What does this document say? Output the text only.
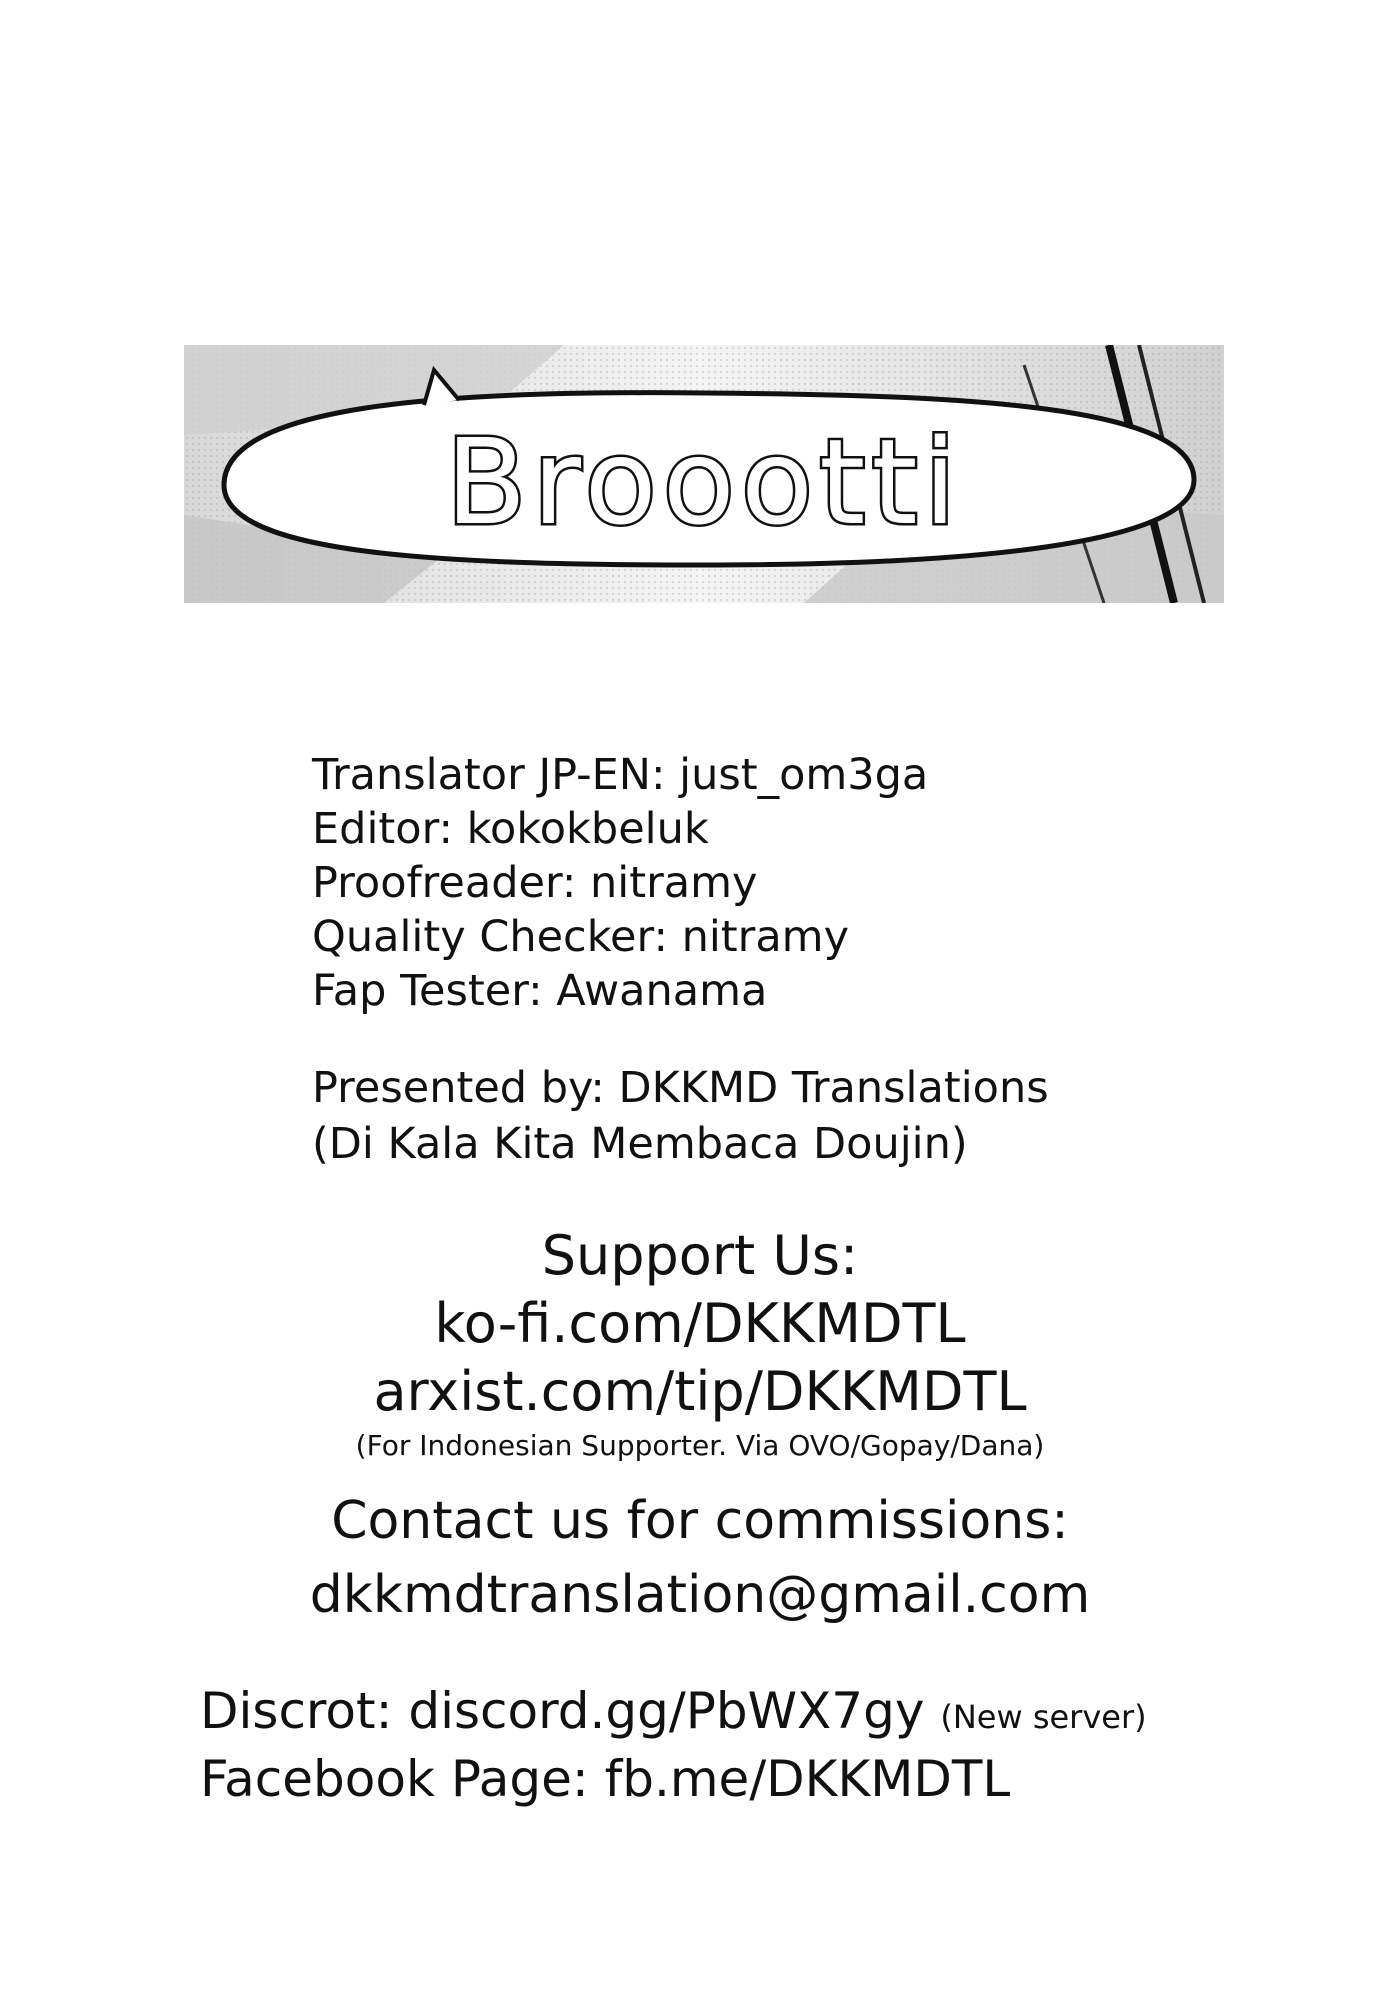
Broootti
Translator JP-EN: just_om3ga
Editor: kokokbeluk
Proofreader: nitramy
Quality Checker: nitramy
Fap Tester: Awanama
Presented by: DKKMD Translations
(Di Kala Kita Membaca Doujin)
Support Us:
ko-fi.com/DKKMDTL
arxist.com/tip/DKKMDTL
(For Indonesian Supporter. Via OVO/Gopay/Dana)
Contact us for commissions:
dkkmdtranslation@gmail.com
Discrot: discord.gg/PbWX7gy (New server)
Facebook Page: fb.me/DKKMDTL
